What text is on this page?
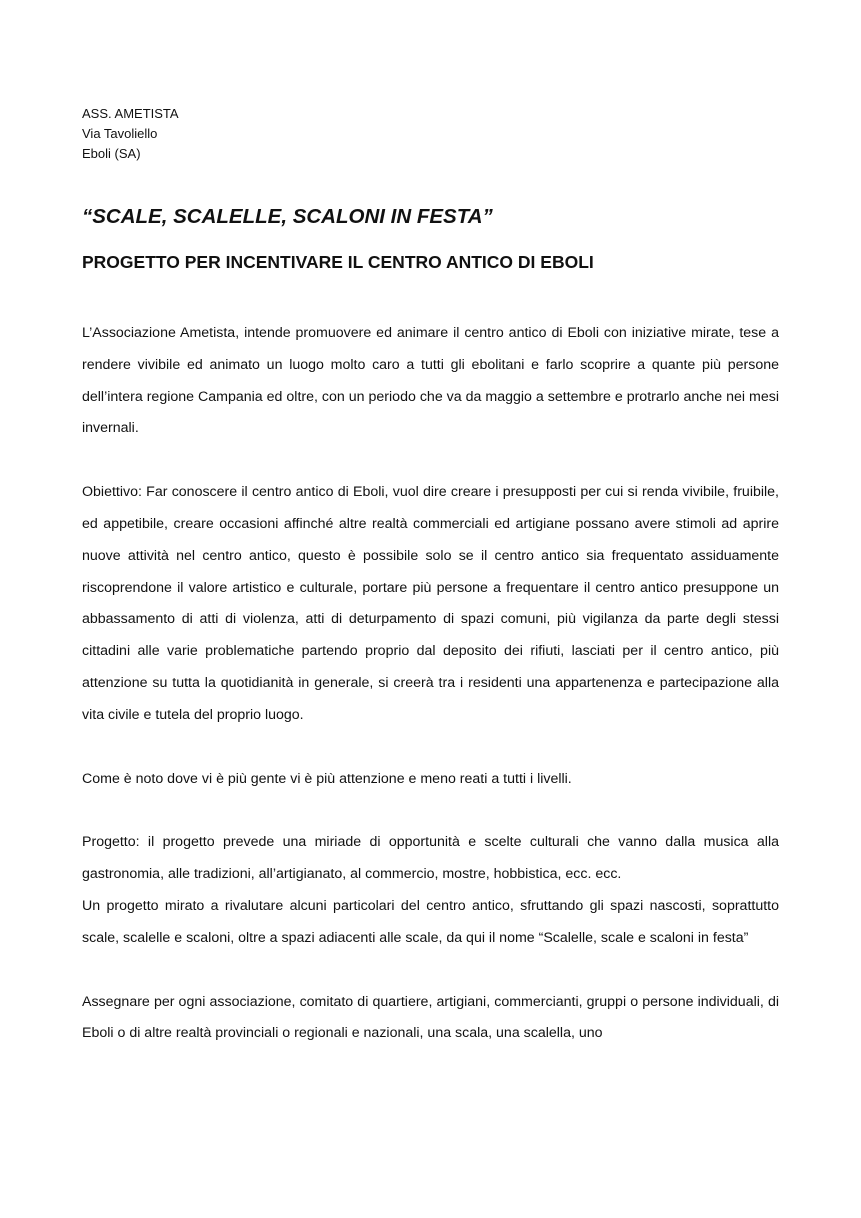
ASS. AMETISTA
Via Tavoliello
Eboli (SA)
“SCALE, SCALELLE, SCALONI IN FESTA”
PROGETTO PER INCENTIVARE IL CENTRO ANTICO DI EBOLI
L’Associazione Ametista, intende promuovere ed animare il centro antico di Eboli con iniziative mirate, tese a rendere vivibile ed animato un luogo molto caro a tutti gli ebolitani e farlo scoprire a quante più persone dell’intera regione Campania ed oltre, con un periodo che va da maggio a settembre e protrarlo anche nei mesi invernali.
Obiettivo: Far conoscere il centro antico di Eboli, vuol dire creare i presupposti per cui si renda vivibile, fruibile, ed appetibile, creare occasioni affinché altre realtà commerciali ed artigiane possano avere stimoli ad aprire nuove attività nel centro antico, questo è possibile solo se il centro antico sia frequentato assiduamente riscoprendone il valore artistico e culturale, portare più persone a frequentare il centro antico presuppone un abbassamento di atti di violenza, atti di deturpamento di spazi comuni, più vigilanza da parte degli stessi cittadini alle varie problematiche partendo proprio dal deposito dei rifiuti, lasciati per il centro antico, più attenzione su tutta la quotidianità in generale, si creerà tra i residenti una appartenenza e partecipazione alla vita civile e tutela del proprio luogo.
Come è noto dove vi è più gente vi è più attenzione e meno reati a tutti i livelli.
Progetto: il progetto prevede una miriade di opportunità e scelte culturali che vanno dalla musica alla gastronomia, alle tradizioni, all’artigianato, al commercio, mostre, hobbistica, ecc. ecc.
Un progetto mirato a rivalutare alcuni particolari del centro antico, sfruttando gli spazi nascosti, soprattutto scale, scalelle e scaloni, oltre a spazi adiacenti alle scale, da qui il nome “Scalelle, scale e scaloni in festa”
Assegnare per ogni associazione, comitato di quartiere, artigiani, commercianti, gruppi o persone individuali, di Eboli o di altre realtà provinciali o regionali e nazionali, una scala, una scalella, uno
